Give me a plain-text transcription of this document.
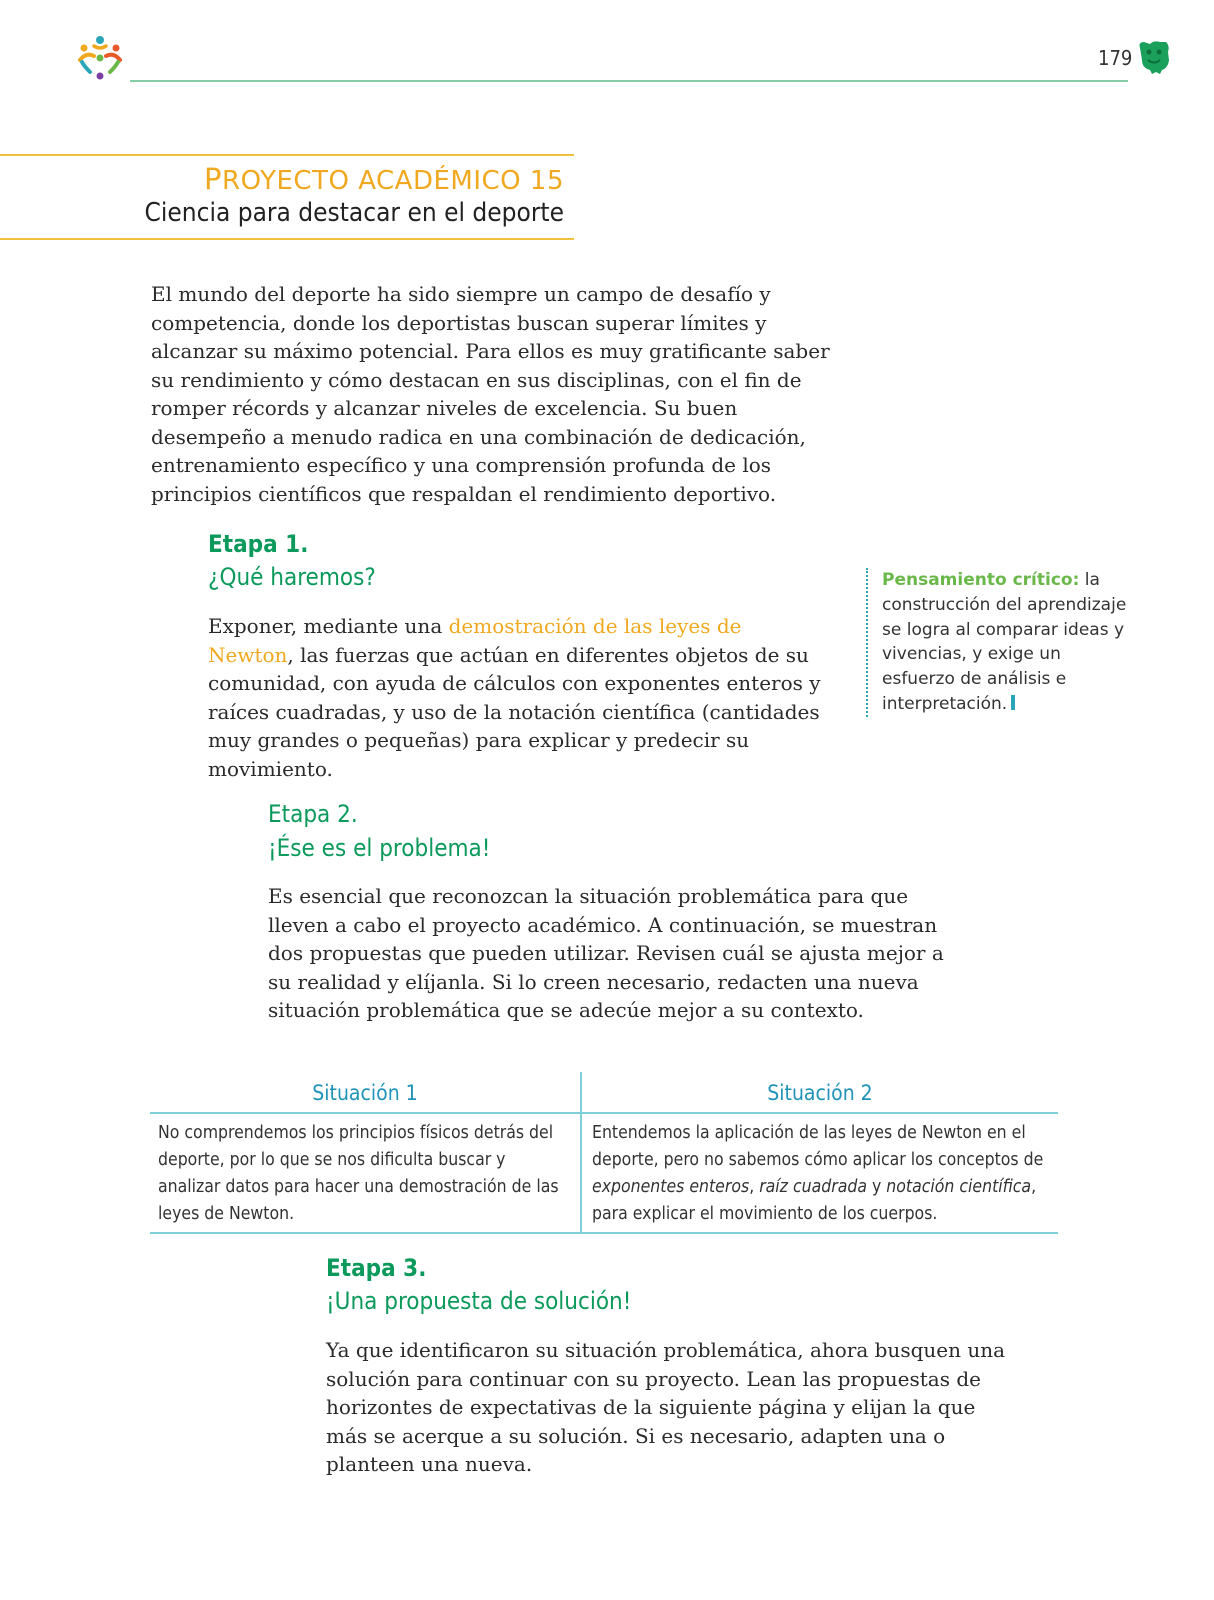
179
PROYECTO ACADÉMICO 15
Ciencia para destacar en el deporte

El mundo del deporte ha sido siempre un campo de desafío y competencia, donde los deportistas buscan superar límites y alcanzar su máximo potencial. Para ellos es muy gratificante saber su rendimiento y cómo destacan en sus disciplinas, con el fin de romper récords y alcanzar niveles de excelencia. Su buen desempeño a menudo radica en una combinación de dedicación, entrenamiento específico y una comprensión profunda de los principios científicos que respaldan el rendimiento deportivo.

Etapa 1.
¿Qué haremos?

Exponer, mediante una demostración de las leyes de Newton, las fuerzas que actúan en diferentes objetos de su comunidad, con ayuda de cálculos con exponentes enteros y raíces cuadradas, y uso de la notación científica (cantidades muy grandes o pequeñas) para explicar y predecir su movimiento.

Pensamiento crítico: la construcción del aprendizaje se logra al comparar ideas y vivencias, y exige un esfuerzo de análisis e interpretación.
Etapa 2.
¡Ése es el problema!

Es esencial que reconozcan la situación problemática para que lleven a cabo el proyecto académico. A continuación, se muestran dos propuestas que pueden utilizar. Revisen cuál se ajusta mejor a su realidad y elíjanla. Si lo creen necesario, redacten una nueva situación problemática que se adecúe mejor a su contexto.

Situación 1
No comprendemos los principios físicos detrás del deporte, por lo que se nos dificulta buscar y analizar datos para hacer una demostración de las leyes de Newton.
Situación 2
Entendemos la aplicación de las leyes de Newton en el deporte, pero no sabemos cómo aplicar los conceptos de exponentes enteros, raíz cuadrada y notación científica, para explicar el movimiento de los cuerpos.
Etapa 3.
¡Una propuesta de solución!

Ya que identificaron su situación problemática, ahora busquen una solución para continuar con su proyecto. Lean las propuestas de horizontes de expectativas de la siguiente página y elijan la que más se acerque a su solución. Si es necesario, adapten una o planteen una nueva.
